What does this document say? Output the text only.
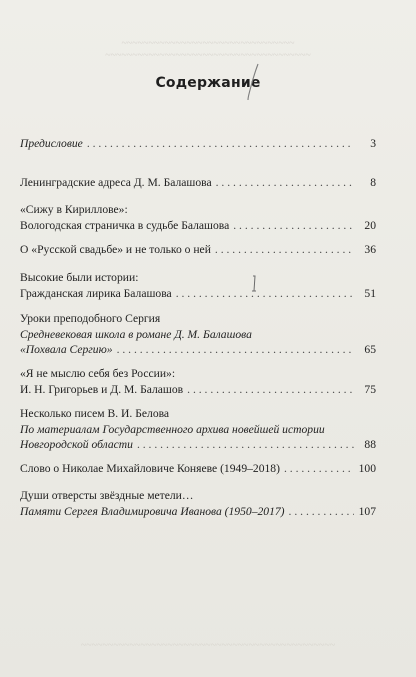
~~~~~~~~~~~~~~~~~~~~~~~~~~~~~~~~
~~~~~~~~~~~~~~~~~~~~~~~~~~~~~~~~~~~~~~
Содержание
Предисловие . . .	3
Ленинградские адреса Д. М. Балашова . . .	8
«Сижу в Кириллове»:
Вологодская страничка в судьбе Балашова . . .	20
О «Русской свадьбе» и не только о ней . . .	36
Высокие были истории:
Гражданская лирика Балашова . . .	51
Уроки преподобного Сергия
Средневековая школа в романе Д. М. Балашова
«Похвала Сергию» . . .	65
«Я не мыслю себя без России»:
И. Н. Григорьев и Д. М. Балашов . . .	75
Несколько писем В. И. Белова
По материалам Государственного архива новейшей истории
Новгородской области . . .	88
Слово о Николае Михайловиче Коняеве (1949–2018) . . .	100
Души отверсты звёздные метели…
Памяти Сергея Владимировича Иванова (1950–2017) . . .	107
~~~~~~~~~~~~~~~~~~~~~~~~~~~~~~~~~~~~~~~~~~~~~~~
